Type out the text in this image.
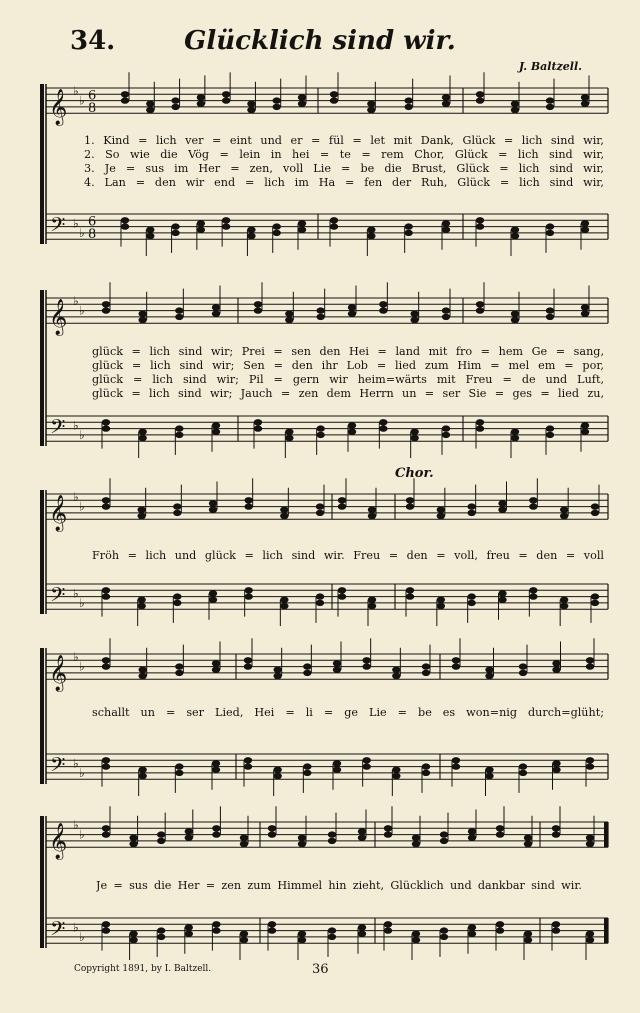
34.	Glücklich sind wir.
J. Baltzell.
𝄞 ♭
♭ 6
8
𝄢 ♭
♭
6
8
𝄞 ♭
♭
𝄢 ♭
♭
𝄞 ♭
♭
𝄢 ♭
♭
𝄞 ♭
♭
𝄢 ♭
♭
𝄞 ♭
♭
𝄢 ♭
♭
1. Kind = lich ver = eint und er = fül = let mit Dank, Glück = lich sind wir,
2. So wie die Vög = lein in hei = te = rem Chor, Glück = lich sind wir,
3. Je = sus im Her = zen, voll Lie = be die Brust, Glück = lich sind wir,
4. Lan = den wir end = lich im Ha = fen der Ruh, Glück = lich sind wir,
glück = lich sind wir; Prei = sen den Hei = land mit fro = hem Ge = sang,
glück = lich sind wir; Sen = den ihr Lob = lied zum Him = mel em = por,
glück = lich sind wir; Pil = gern wir heim=wärts mit Freu = de und Luft,
glück = lich sind wir; Jauch = zen dem Herrn un = ser Sie = ges = lied zu,
Chor.
Fröh = lich und glück = lich sind wir. Freu = den = voll, freu = den = voll
schallt un = ser Lied, Hei = li = ge Lie = be es won=nig durch=glüht;
Je = sus die Her = zen zum Himmel hin zieht, Glücklich und dankbar sind wir.
Copyright 1891, by I. Baltzell.	36
